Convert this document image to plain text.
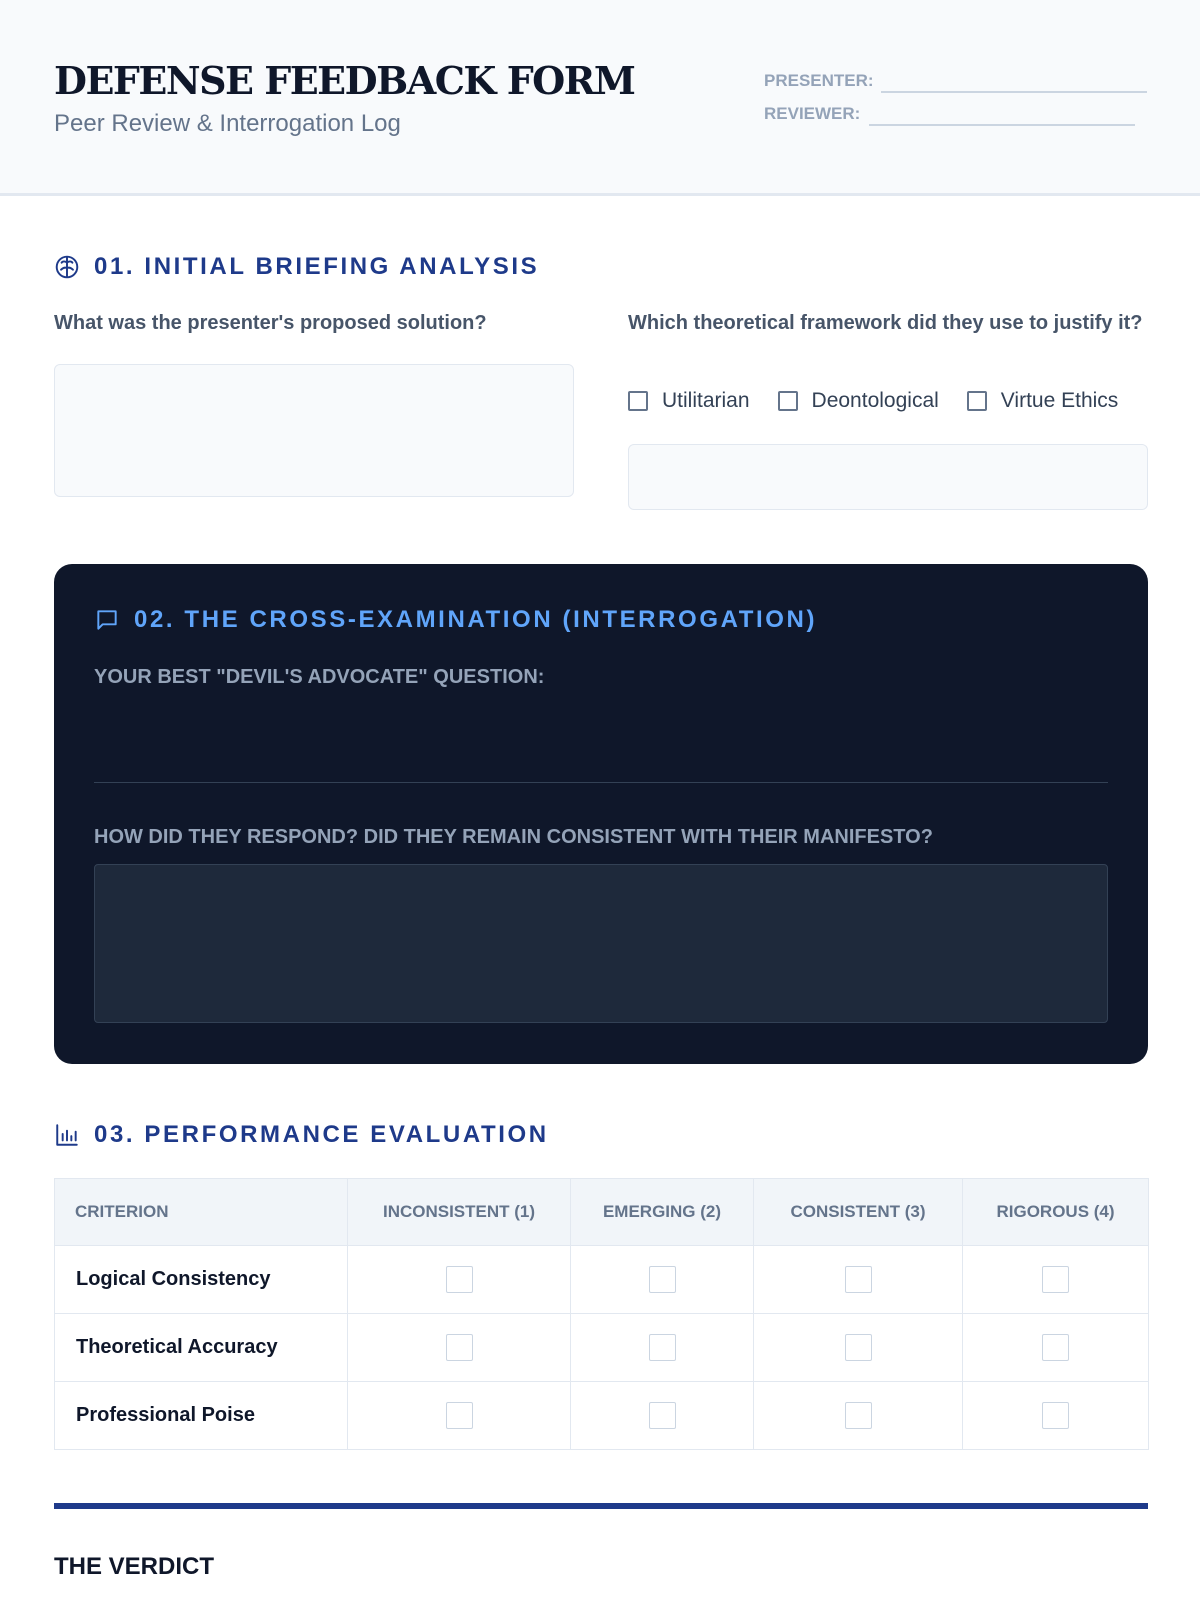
DEFENSE FEEDBACK FORM
Peer Review & Interrogation Log
PRESENTER:
REVIEWER:
01. INITIAL BRIEFING ANALYSIS
What was the presenter's proposed solution?	Which theoretical framework did they use to justify it?
Utilitarian	Deontological	Virtue Ethics
02. THE CROSS-EXAMINATION (INTERROGATION)
YOUR BEST "DEVIL'S ADVOCATE" QUESTION:
HOW DID THEY RESPOND? DID THEY REMAIN CONSISTENT WITH THEIR MANIFESTO?
03. PERFORMANCE EVALUATION
CRITERION	INCONSISTENT (1)	EMERGING (2)	CONSISTENT (3)	RIGOROUS (4)
Logical Consistency				
Theoretical Accuracy				
Professional Poise				
THE VERDICT
